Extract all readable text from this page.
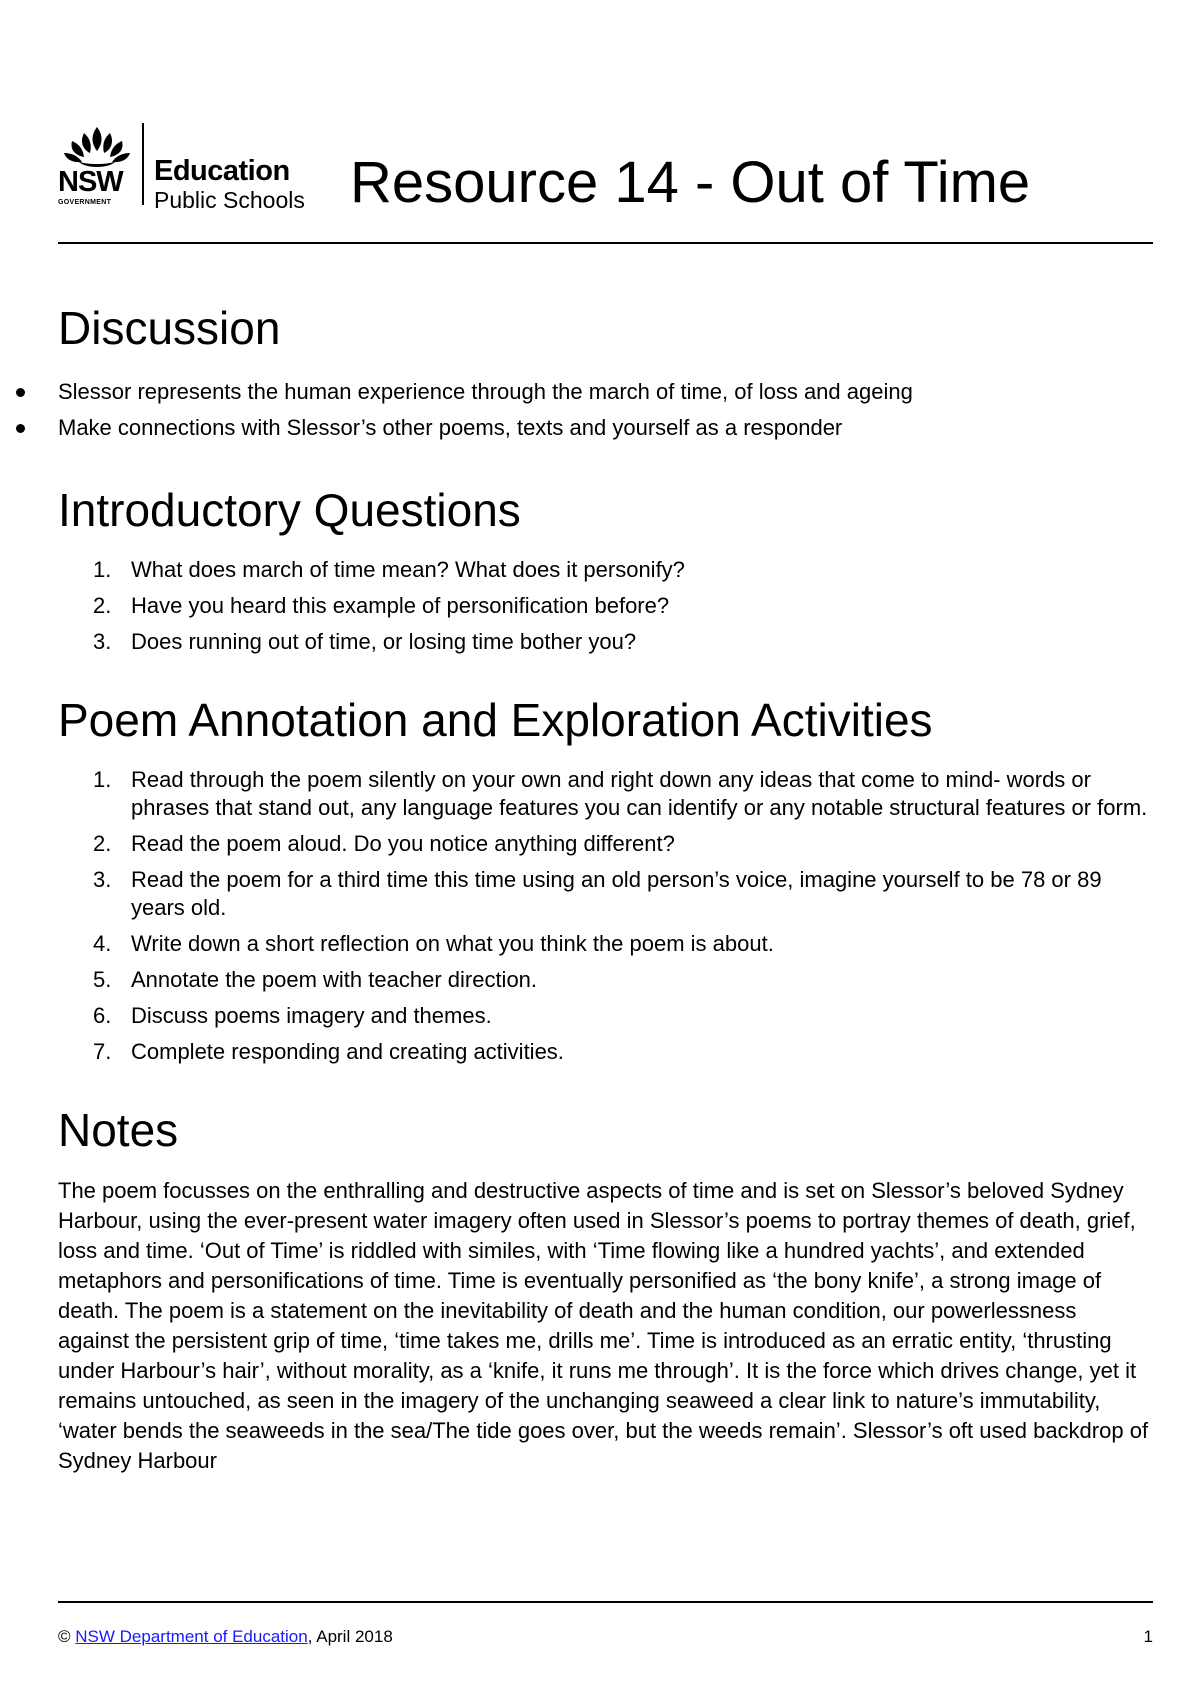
NSW
GOVERNMENT
Education
Public Schools Resource 14 - Out of Time
Discussion
Slessor represents the human experience through the march of time, of loss and ageing
Make connections with Slessor’s other poems, texts and yourself as a responder
Introductory Questions
1. What does march of time mean? What does it personify?
2. Have you heard this example of personification before?
3. Does running out of time, or losing time bother you?
Poem Annotation and Exploration Activities
1. Read through the poem silently on your own and right down any ideas that come to mind- words or phrases that stand out, any language features you can identify or any notable structural features or form.
2. Read the poem aloud. Do you notice anything different?
3. Read the poem for a third time this time using an old person’s voice, imagine yourself to be 78 or 89 years old.
4. Write down a short reflection on what you think the poem is about.
5. Annotate the poem with teacher direction.
6. Discuss poems imagery and themes.
7. Complete responding and creating activities.
Notes

The poem focusses on the enthralling and destructive aspects of time and is set on Slessor’s beloved Sydney Harbour, using the ever-present water imagery often used in Slessor’s poems to portray themes of death, grief, loss and time. ‘Out of Time’ is riddled with similes, with ‘Time flowing like a hundred yachts’, and extended metaphors and personifications of time. Time is eventually personified as ‘the bony knife’, a strong image of death. The poem is a statement on the inevitability of death and the human condition, our powerlessness against the persistent grip of time, ‘time takes me, drills me’. Time is introduced as an erratic entity, ‘thrusting under Harbour’s hair’, without morality, as a ‘knife, it runs me through’. It is the force which drives change, yet it remains untouched, as seen in the imagery of the unchanging seaweed a clear link to nature’s immutability, ‘water bends the seaweeds in the sea/The tide goes over, but the weeds remain’. Slessor’s oft used backdrop of Sydney Harbour

© NSW Department of Education, April 2018	1
